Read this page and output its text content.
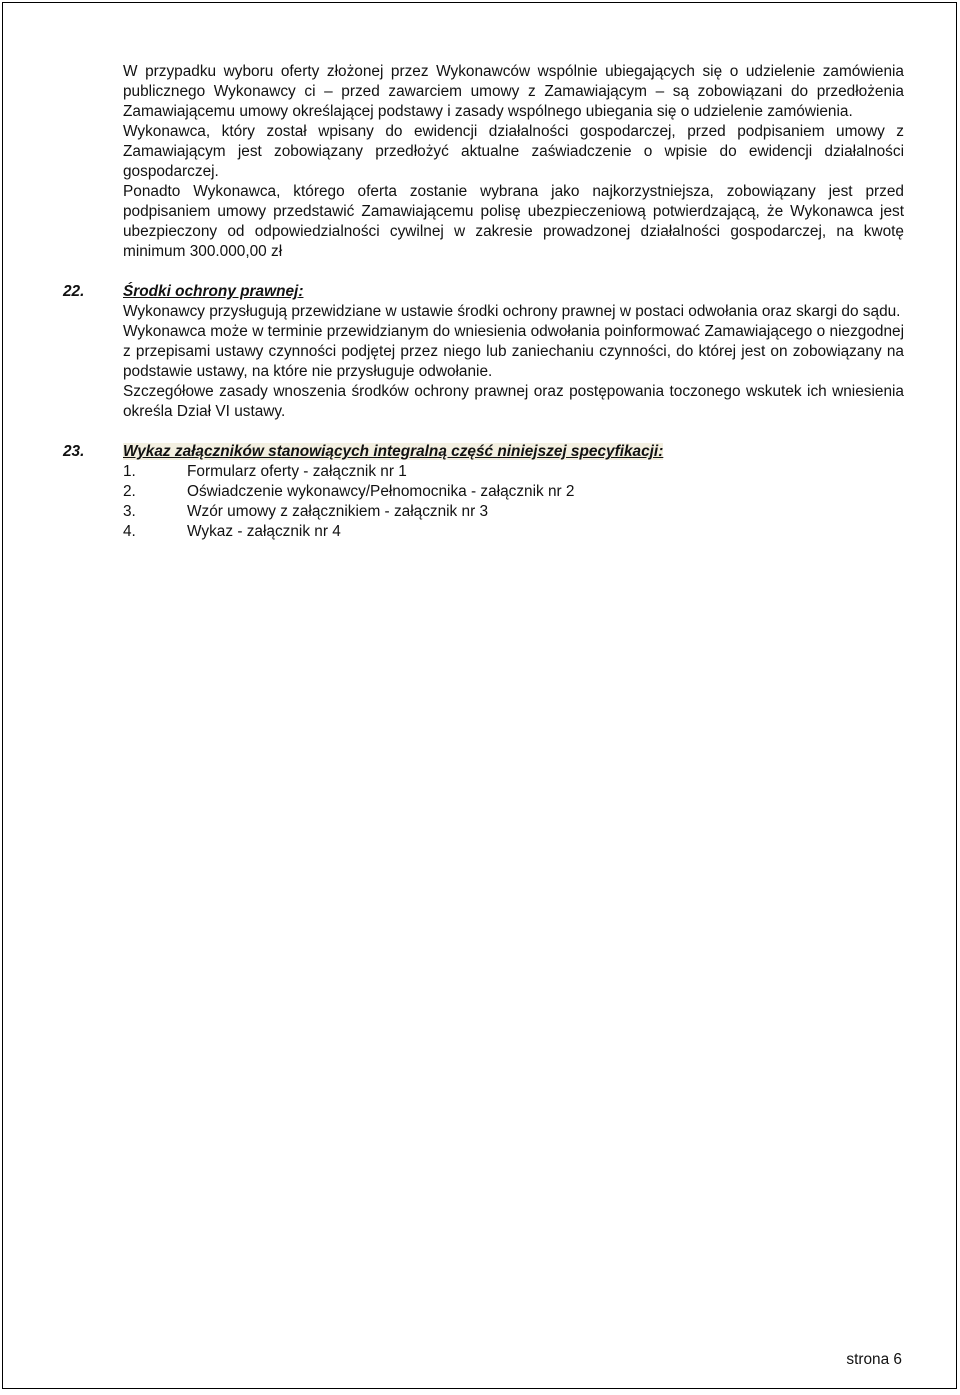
W przypadku wyboru oferty złożonej przez Wykonawców wspólnie ubiegających się o udzielenie zamówienia publicznego Wykonawcy ci – przed zawarciem umowy z Zamawiającym – są zobowiązani do przedłożenia Zamawiającemu umowy określającej podstawy i zasady wspólnego ubiegania się o udzielenie zamówienia.

Wykonawca, który został wpisany do ewidencji działalności gospodarczej, przed podpisaniem umowy z Zamawiającym jest zobowiązany przedłożyć aktualne zaświadczenie o wpisie do ewidencji działalności gospodarczej.

Ponadto Wykonawca, którego oferta zostanie wybrana jako najkorzystniejsza, zobowiązany jest przed podpisaniem umowy przedstawić Zamawiającemu polisę ubezpieczeniową potwierdzającą, że Wykonawca jest ubezpieczony od odpowiedzialności cywilnej w zakresie prowadzonej działalności gospodarczej, na kwotę minimum 300.000,00 zł

22.	Środki ochrony prawnej:

Wykonawcy przysługują przewidziane w ustawie środki ochrony prawnej w postaci odwołania oraz skargi do sądu.

Wykonawca może w terminie przewidzianym do wniesienia odwołania poinformować Zamawiającego o niezgodnej z przepisami ustawy czynności podjętej przez niego lub zaniechaniu czynności, do której jest on zobowiązany na podstawie ustawy, na które nie przysługuje odwołanie.

Szczegółowe zasady wnoszenia środków ochrony prawnej oraz postępowania toczonego wskutek ich wniesienia określa Dział VI ustawy.

23.	Wykaz załączników stanowiących integralną część niniejszej specyfikacji:

1.	Formularz oferty - załącznik nr 1
2.	Oświadczenie wykonawcy/Pełnomocnika - załącznik nr 2
3.	Wzór umowy z załącznikiem - załącznik nr 3
4.	Wykaz - załącznik nr 4
strona 6
